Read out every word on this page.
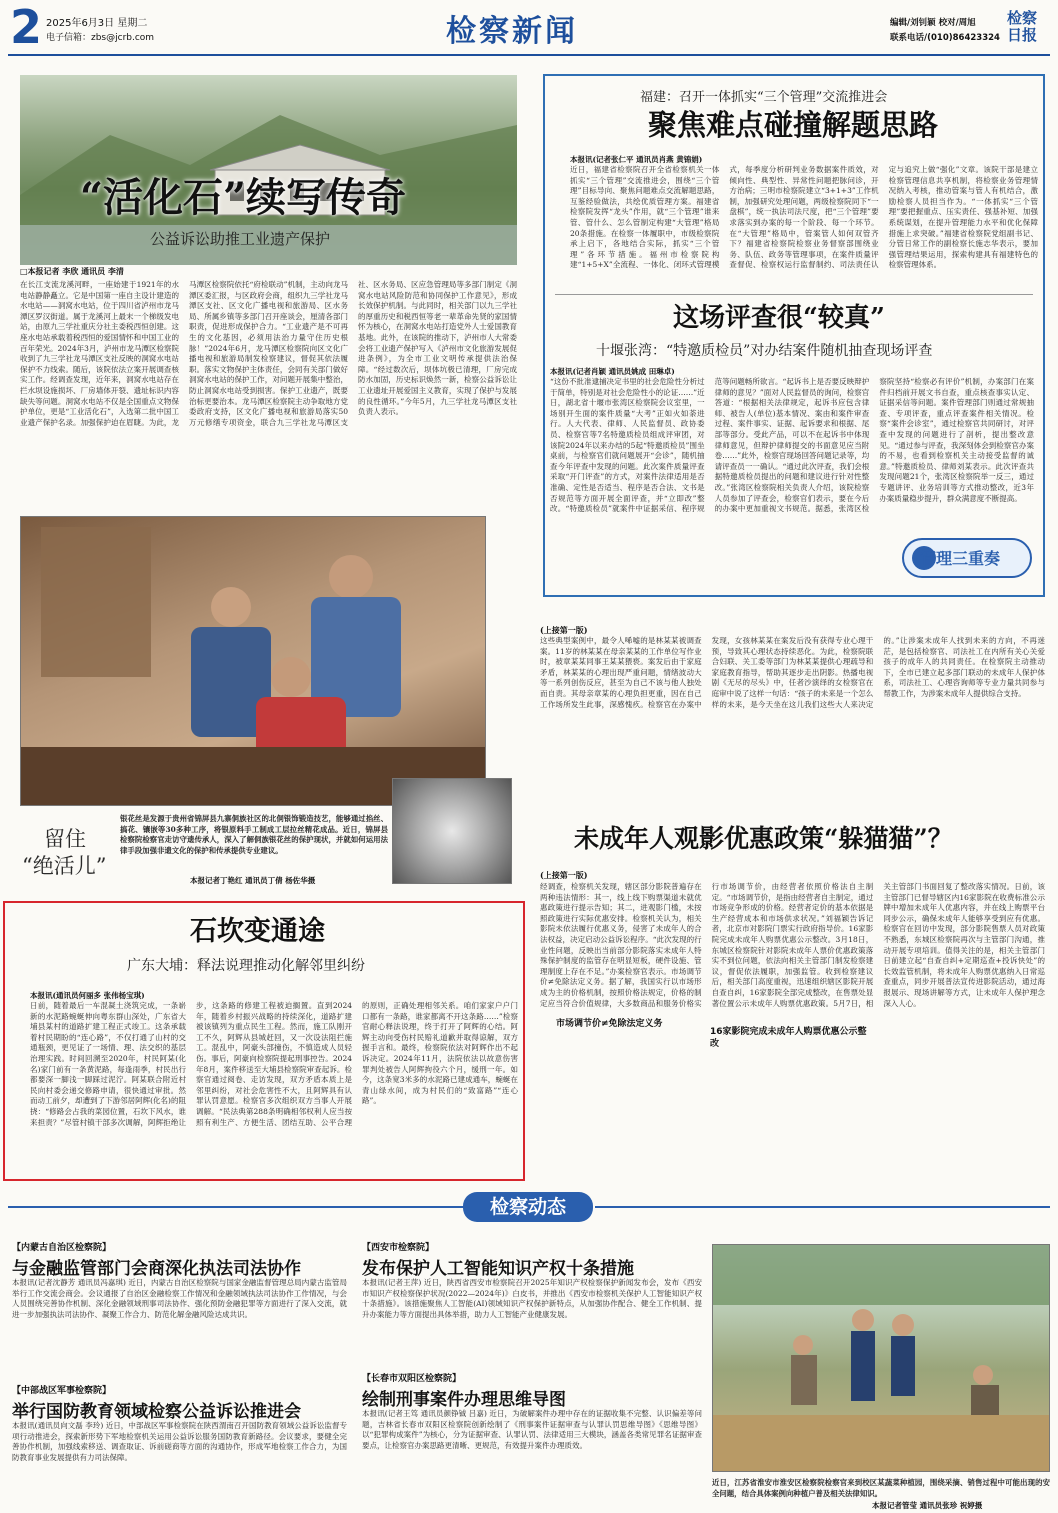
2 2025年6月3日 星期二
电子信箱：zbs@jcrb.com	检察新闻	编辑/刘钊颖 校对/周旭
联系电话/(010)86423324
检察日报
“活化石”续写传奇
公益诉讼助推工业遗产保护
□本报记者 李欣 通讯员 李清
在长江支流龙溪河畔，一座始建于1921年的水电站静静矗立。它是中国第一座自主设计建造的水电站——洞窝水电站，位于四川省泸州市龙马潭区罗汉街道。属于龙溪河上最末一个梯级发电站，由原九三学社重庆分社主委税西恒创建。这座水电站承载着税西恒的爱国情怀和中国工业的百年荣光。2024年3月，泸州市龙马潭区检察院收到了九三学社龙马潭区支社反映的洞窝水电站保护不力线索。随后，该院依法立案开展调查核实工作。经调查发现，近年来，洞窝水电站存在拦水坝设施损坏、厂房墙体开裂、遗址标识内容缺失等问题。洞窝水电站不仅是全国重点文物保护单位，更是“工业活化石”，入选第二批中国工业遗产保护名录。加强保护迫在眉睫。为此，龙马潭区检察院依托“府检联动”机制，主动向龙马潭区委汇报，与区政府会商，组织九三学社龙马潭区支社、区文化广播电视和旅游局、区水务局、所属乡镇等多部门召开座谈会，厘清各部门职责，促进形成保护合力。“工业遗产是不可再生的文化基因，必须用法治力量守住历史根脉！”2024年6月，龙马潭区检察院向区文化广播电视和旅游局制发检察建议，督促其依法履职。落实文物保护主体责任，会同有关部门做好洞窝水电站的保护工作，对问题开展集中整治，防止洞窝水电站受到损害。保护工业遗产，既要治标更要治本。龙马潭区检察院主动争取地方党委政府支持，区文化广播电视和旅游局落实50万元修缮专项资金，联合九三学社龙马潭区支社、区水务局、区应急管理局等多部门制定《洞窝水电站风险防范和协同保护工作意见》，形成长效保护机制。与此同时，相关部门以九三学社的厚重历史和税西恒等老一辈革命先贤的家国情怀为核心，在洞窝水电站打造党外人士爱国教育基地。此外，在该院的推动下，泸州市人大常委会将工业遗产保护写入《泸州市文化旅游发展促进条例》，为全市工业文明传承提供法治保障。“经过数次后，坝体坑极已清理，厂房完成防水加固，历史标识焕然一新，检察公益诉讼让工业遗址开展爱国主义教育，实现了保护与发展的良性循环。”今年5月，九三学社龙马潭区支社负责人表示。
留住
“绝活儿”
银花丝是发源于贵州省锦屏县九寨侗族社区的北侗银饰锻造技艺，能够通过掐丝、搞花、镶嵌等30多种工序，将银原料手工制成工层拉丝精花成品。近日，锦屏县检察院检察官走访守遗传承人，深入了解侗族银花丝的保护现状，并就如何运用法律手段加强非遗文化的保护和传承提供专业建议。
本报记者丁艳红 通讯员丁倩 杨佐华摄
福建：召开一体抓实“三个管理”交流推进会
聚焦难点碰撞解题思路
本报讯(记者张仁平 通讯员肖燕 黄锦娟)
近日，福建省检察院召开全省检察机关一体抓实“三个管理”交流推进会，围绕“三个管理”目标导向、聚焦问题难点交流解题思路，互鉴经验做法，共绘优质管理方案。福建省检察院发挥“龙头”作用，就“三个管理”谁来管、管什么、怎么管制定构建“大管理”格局20条措施。在检察一体履职中，市级检察院承上启下，各地结合实际，抓实“三个管理”各环节措施。福州市检察院构建“1+5+X”全流程、一体化、闭环式管理模式，每季度分析研判业务数据案件质效，对倾向性、典型性、异常性问题把脉问诊，开方治病；三明市检察院建立“3+1+3”工作机制，加强研究处理问题，两级检察院同下“一盘棋”，统一执法司法尺度，把“三个管理”要求落实到办案的每一个阶段、每一个环节。在“大管理”格局中，管案管人如何双管齐下？福建省检察院检察业务督察部围绕业务、队伍、政务等管理事项，在案件质量评查督促、检察权运行监督制约、司法责任认定与追究上做“强化”文章。该院干部是建立检察管理信息共享机制，将检察业务管理情况纳入考核，推动管案与管人有机结合，激励检察人员担当作为。“一体抓实“三个管理”要把握重点、压实责任、强基补短、加强系统谋划，在提升管理能力水平和优化保障措施上求突破。”福建省检察院党组副书记、分管日常工作的副检察长施志华表示，要加强管理结果运用，探索构建具有福建特色的检察管理体系。
这场评查很“较真”
十堰张湾：“特邀质检员”对办结案件随机抽查现场评查
本报讯(记者肖颖 通讯员姚成 田琳卓)
“这份不批准逮捕决定书里的社会危险性分析过于简单，特别是对社会危险性小的论证……”近日，湖北省十堰市张湾区检察院会议室里，一场别开生面的案件质量“大考”正如火如荼进行。人大代表、律师、人民监督员、政协委员、检察官等7名特邀质检员组成评审团，对该院2024年以来办结的5起“特邀质检员”围坐桌前，与检察官们就问题展开“会诊”，随机抽查今年评查中发现的问题。此次案件质量评查采取“开门评查”的方式，对案件法律适用是否准确、定性是否适当、程序是否合法、文书是否规范等方面开展全面评查，并“立即改”整改。“特邀质检员”就案件中证据采信、程序规范等问题畅所欲言。“起诉书上是否要反映辩护律师的意见？”面对人民监督员的询问，检察官答道：“根据相关法律规定，起诉书应包含律师、被告人(单位)基本情况、案由和案件审查过程、案件事实、证据、起诉要求和根据、尾部等部分。受此产品，可以不在起诉书中体现律师意见，但辩护律师提交的书面意见应当附卷……”此外，检察官现场回答问题记录等，均请评查员一一确认。“通过此次评查，我们会根据特邀质检员提出的问题和建议进行针对性整改。”张湾区检察院相关负责人介绍，该院检察人员参加了评查会，检察官们表示，要在今后的办案中更加重视文书规范。据悉，张湾区检察院坚持“检察必有评价”机制，办案部门在案件归档前开展文书自查，重点核查事实认定、证据采信等问题。案件管理部门则通过常规抽查、专项评查，重点评查案件相关情况。检察“案件会诊室”，通过检察官共同研讨，对评查中发现的问题进行了剖析，提出整改意见。“通过参与评查，我深刻体会到检察官办案的不易，也看到检察机关主动接受监督的诚意。”特邀质检员、律师刘某表示。此次评查共发现问题21个，张湾区检察院举一反三，通过专题讲评、业务培训等方式推动整改，近3年办案质量稳步提升，群众满意度不断提高。
管理三重奏
(上接第一版)
这些典型案例中，最令人唏嘘的是林某某被调查案。11岁的林某某在母亲某某的工作单位写作业时，被章某某同事王某某猥亵。案发后由于家庭矛盾，林某某的心理出现严重问题，情绪波动大等一系列创伤反应，甚至为自己不该与他人独处而自责。其母亲章某的心理负担更重，因在自己工作场所发生此事，深感愧疚。检察官在办案中发现，女孩林某某在案发后没有获得专业心理干预，导致其心理状态持续恶化。为此，检察院联合妇联、关工委等部门为林某某提供心理疏导和家庭教育指导，帮助其逐步走出阴影。热播电视剧《无尽的尽头》中，任者沙演绎的女检察官在庭审中说了这样一句话：“孩子的未来是一个怎么样的未来，是今天坐在这儿我们这些大人来决定的。”让涉案未成年人找到未来的方向，不再迷茫，是包括检察官、司法社工在内所有关心关爱孩子的成年人的共同责任。在检察院主动推动下，全市已建立起多部门联动的未成年人保护体系，司法社工、心理咨询师等专业力量共同参与帮教工作，为涉案未成年人提供综合支持。
未成年人观影优惠政策“躲猫猫”？
(上接第一版)
经调查，检察机关发现，辖区部分影院普遍存在两种违法情形：其一，线上线下购票渠道未就优惠政策进行提示告知；其二，进观影门槛，未按照政策进行实际优惠安排。检察机关认为，相关影院未依法履行优惠义务，侵害了未成年人的合法权益，决定启动公益诉讼程序。“此次发现的行业性问题，反映出当前部分影院落实未成年人特殊保护制度的监管存在明显短板，硬件设施、管理制度上存在不足。”办案检察官表示。市场调节价≠免除法定义务。据了解，我国实行以市场形成为主的价格机制，按照价格法规定，价格的制定应当符合价值规律，大多数商品和服务价格实行市场调节价，由经营者依照价格法自主制定。“市场调节价，是指由经营者自主制定，通过市场竞争形成的价格。经营者定价的基本依据是生产经营成本和市场供求状况。”刘福颖告诉记者，北京市对影院门票实行政府指导价。16家影院完成未成年人购票优惠公示整改。3月18日，东城区检察院针对影院未成年人票价优惠政策落实不到位问题，依法向相关主管部门制发检察建议，督促依法履职，加强监管。收到检察建议后，相关部门高度重视，迅速组织辖区影院开展自查自纠，16家影院全部完成整改，在售票处显著位置公示未成年人购票优惠政策。5月7日，相关主管部门书面回复了整改落实情况。日前，该主管部门已督导辖区内16家影院在收费标准公示牌中增加未成年人优惠内容，并在线上购票平台同步公示，确保未成年人能够享受到应有优惠。检察官在回访中发现，部分影院售票人员对政策不熟悉，东城区检察院再次与主管部门沟通，推动开展专项培训。值得关注的是，相关主管部门日前建立起“自查自纠+定期巡查+投诉快处”的长效监管机制，将未成年人购票优惠纳入日常巡查重点，同步开展普法宣传进影院活动，通过海报展示、现场讲解等方式，让未成年人保护理念深入人心。
市场调节价≠免除法定义务
16家影院完成未成年人购票优惠公示整改
石坎变通途
广东大埔：释法说理推动化解邻里纠纷
本报讯(通讯员何丽多 张伟杨宝琪)
日前，随着最后一车混凝土浇筑完成，一条崭新的水泥路蜿蜒伸向粤东群山深处，广东省大埔县某村的道路扩建工程正式竣工。这条承载着村民期盼的“连心路”，不仅打通了山村的交通瓶颈，更见证了一场情、理、法交织的基层治理实践。时间回溯至2020年，村民阿某(化名)家门前有一条黄泥路，每逢雨季，村民出行都要深一脚浅一脚踩过泥泞。阿某联合附近村民向村委会递交修路申请，很快通过审批。然而动工前夕，却遭到了下游邻居阿辉(化名)的阻挠：“修路会占我的菜园位置，石坎下风水，谁来担责？”尽管村镇干部多次调解，阿辉拒绝让步，这条路的修建工程被迫搁置。直到2024年，随着乡村振兴战略的持续深化，道路扩建被该镇列为重点民生工程。然而，施工队刚开工不久，阿辉从县城赶回，又一次设法阻拦施工。混乱中，阿豪头部撞伤，不慎造成人员轻伤。事后，阿豪向检察院提起刑事控告。2024年8月，案件移送至大埔县检察院审查起诉。检察官通过阅卷、走访发现，双方矛盾本质上是邻里纠纷，对社会危害性不大，且阿辉具有认罪认罚意愿。检察官多次组织双方当事人开展调解。“民法典第288条明确相邻权利人应当按照有利生产、方便生活、团结互助、公平合理的原则，正确处理相邻关系。咱们家家户户门口都有一条路，谁家都离不开这条路……”检察官耐心释法说理，终于打开了阿辉的心结。阿辉主动向受伤村民赔礼道歉并取得谅解，双方握手言和。最终，检察院依法对阿辉作出不起诉决定。2024年11月，法院依法以故意伤害罪判处被告人阿辉拘役六个月，缓刑一年。如今，这条宽3米多的水泥路已建成通车，蜿蜒在青山绿水间，成为村民们的“致富路”“连心路”。
检察动态
【内蒙古自治区检察院】
与金融监管部门会商深化执法司法协作
本报讯(记者沈静芳 通讯员冯嘉琪) 近日，内蒙古自治区检察院与国家金融监督管理总局内蒙古监管局举行工作交流会商会。会议通报了自治区金融检察工作情况和金融领域执法司法协作工作情况，与会人员围绕完善协作机制、深化金融领域刑事司法协作、强化预防金融犯罪等方面进行了深入交流，就进一步加强执法司法协作、凝聚工作合力、防范化解金融风险达成共识。
【中部战区军事检察院】
举行国防教育领域检察公益诉讼推进会
本报讯(通讯员向文磊 李玲) 近日，中部战区军事检察院在陕西渭南召开国防教育领域公益诉讼监督专项行动推进会，探索新形势下军地检察机关运用公益诉讼服务国防教育新路径。会议要求，要健全完善协作机制，加强线索移送、调查取证、诉前磋商等方面的沟通协作，形成军地检察工作合力，为国防教育事业发展提供有力司法保障。
【西安市检察院】
发布保护人工智能知识产权十条措施
本报讯(记者王萍) 近日，陕西省西安市检察院召开2025年知识产权检察保护新闻发布会，发布《西安市知识产权检察保护状况(2022—2024年)》白皮书，并推出《西安市检察机关保护人工智能知识产权十条措施》。该措施聚焦人工智能(AI)领域知识产权保护新特点，从加强协作配合、健全工作机制、提升办案能力等方面提出具体举措，助力人工智能产业健康发展。
【长春市双阳区检察院】
绘制刑事案件办理思维导图
本报讯(记者王笃 通讯员颜铮铖 吕嘉) 近日，为破解案件办理中存在的证据收集不完整、认识偏差等问题，吉林省长春市双阳区检察院创新绘制了《刑事案件证据审查与认罪认罚思维导图》《思维导图》以“犯罪构成案件”为核心，分为证据审查、认罪认罚、法律适用三大模块，涵盖各类常见罪名证据审查要点，让检察官办案思路更清晰、更规范，有效提升案件办理质效。
近日，江苏省淮安市淮安区检察院检察官来到校区某蔬菜种植园，围绕采摘、销售过程中可能出现的安全问题，结合具体案例向种植户普及相关法律知识。
本报记者管莹 通讯员张珍 祝婷摄
